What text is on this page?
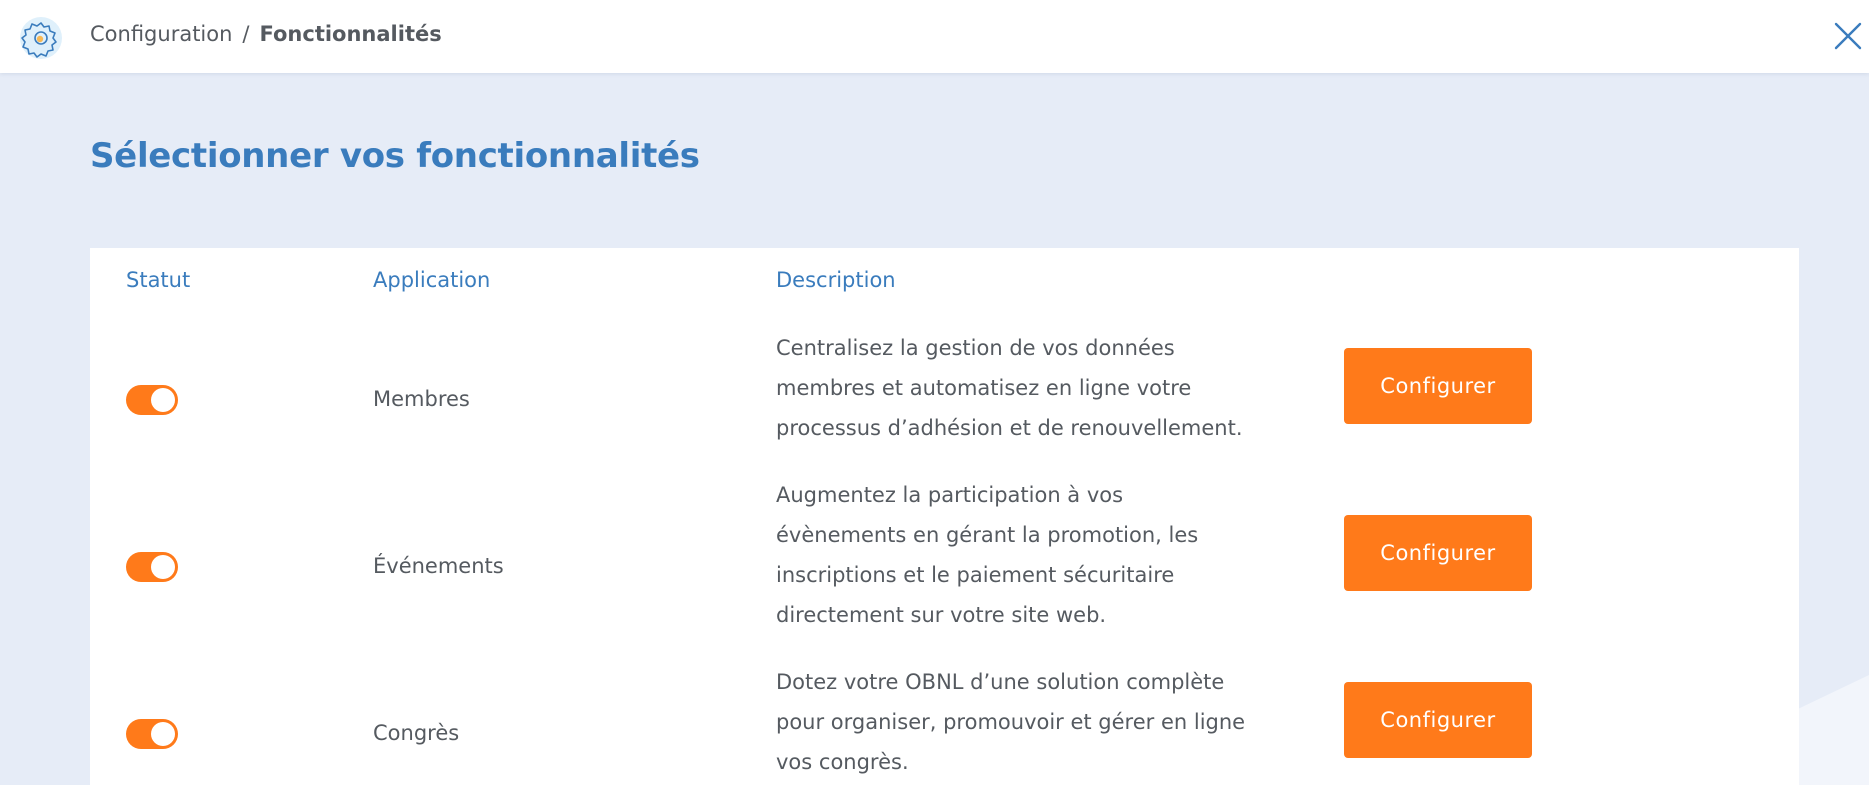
Configuration / Fonctionnalités
Sélectionner vos fonctionnalités
Statut	Application	Description
Membres
Centralisez la gestion de vos données membres et automatisez en ligne votre processus d’adhésion et de renouvellement.
Configurer
Événements
Augmentez la participation à vos évènements en gérant la promotion, les inscriptions et le paiement sécuritaire directement sur votre site web.
Configurer
Congrès
Dotez votre OBNL d’une solution complète pour organiser, promouvoir et gérer en ligne vos congrès.
Configurer
